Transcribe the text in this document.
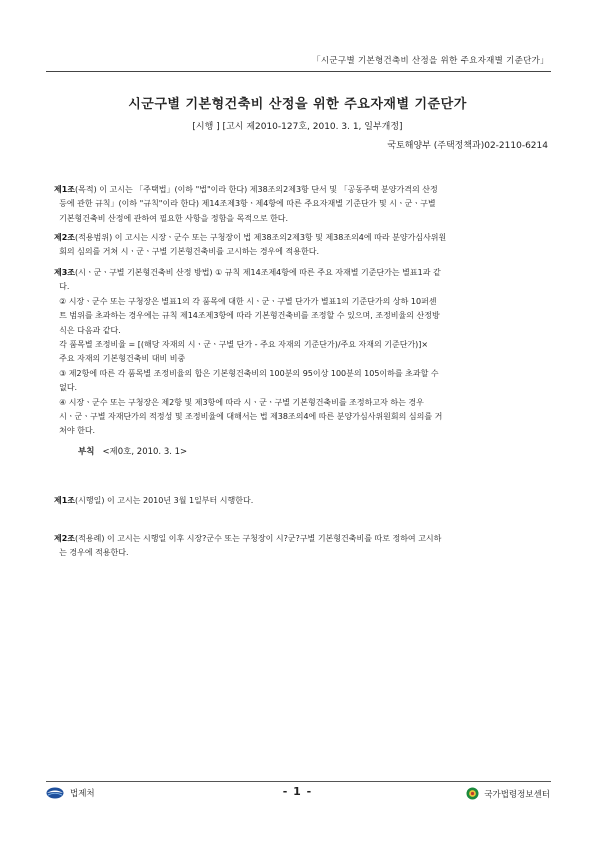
「시군구별 기본형건축비 산정을 위한 주요자재별 기준단가」
시군구별 기본형건축비 산정을 위한 주요자재별 기준단가
[시행 ] [고시 제2010-127호, 2010. 3. 1, 일부개정]
국토해양부 (주택정책과)02-2110-6214
제1조(목적) 이 고시는 「주택법」(이하 "법"이라 한다) 제38조의2제3항 단서 및 「공동주택 분양가격의 산정
등에 관한 규칙」(이하 "규칙"이라 한다) 제14조제3항ㆍ제4항에 따른 주요자재별 기준단가 및 시ㆍ군ㆍ구별
기본형건축비 산정에 관하여 필요한 사항을 정함을 목적으로 한다.
제2조(적용범위) 이 고시는 시장ㆍ군수 또는 구청장이 법 제38조의2제3항 및 제38조의4에 따라 분양가심사위원
회의 심의를 거쳐 시ㆍ군ㆍ구별 기본형건축비를 고시하는 경우에 적용한다.
제3조(시ㆍ군ㆍ구별 기본형건축비 산정 방법) ① 규칙 제14조제4항에 따른 주요 자재별 기준단가는 별표1과 같
다.
② 시장ㆍ군수 또는 구청장은 별표1의 각 품목에 대한 시ㆍ군ㆍ구별 단가가 별표1의 기준단가의 상하 10퍼센
트 범위를 초과하는 경우에는 규칙 제14조제3항에 따라 기본형건축비를 조정할 수 있으며, 조정비율의 산정방
식은 다음과 같다.
각 품목별 조정비율 = [(해당 자재의 시ㆍ군ㆍ구별 단가 - 주요 자재의 기준단가)/주요 자재의 기준단가)]×
주요 자재의 기본형건축비 대비 비중
③ 제2항에 따른 각 품목별 조정비율의 합은 기본형건축비의 100분의 95이상 100분의 105이하를 초과할 수
없다.
④ 시장ㆍ군수 또는 구청장은 제2항 및 제3항에 따라 시ㆍ군ㆍ구별 기본형건축비를 조정하고자 하는 경우
시ㆍ군ㆍ구별 자재단가의 적정성 및 조정비율에 대해서는 법 제38조의4에 따른 분양가심사위원회의 심의를 거
쳐야 한다.
부칙 <제0호, 2010. 3. 1>
제1조(시행일) 이 고시는 2010년 3월 1일부터 시행한다.
제2조(적용례) 이 고시는 시행일 이후 시장?군수 또는 구청장이 시?군?구별 기본형건축비를 따로 정하여 고시하
는 경우에 적용한다.
법제처	- 1 -	국가법령정보센터
